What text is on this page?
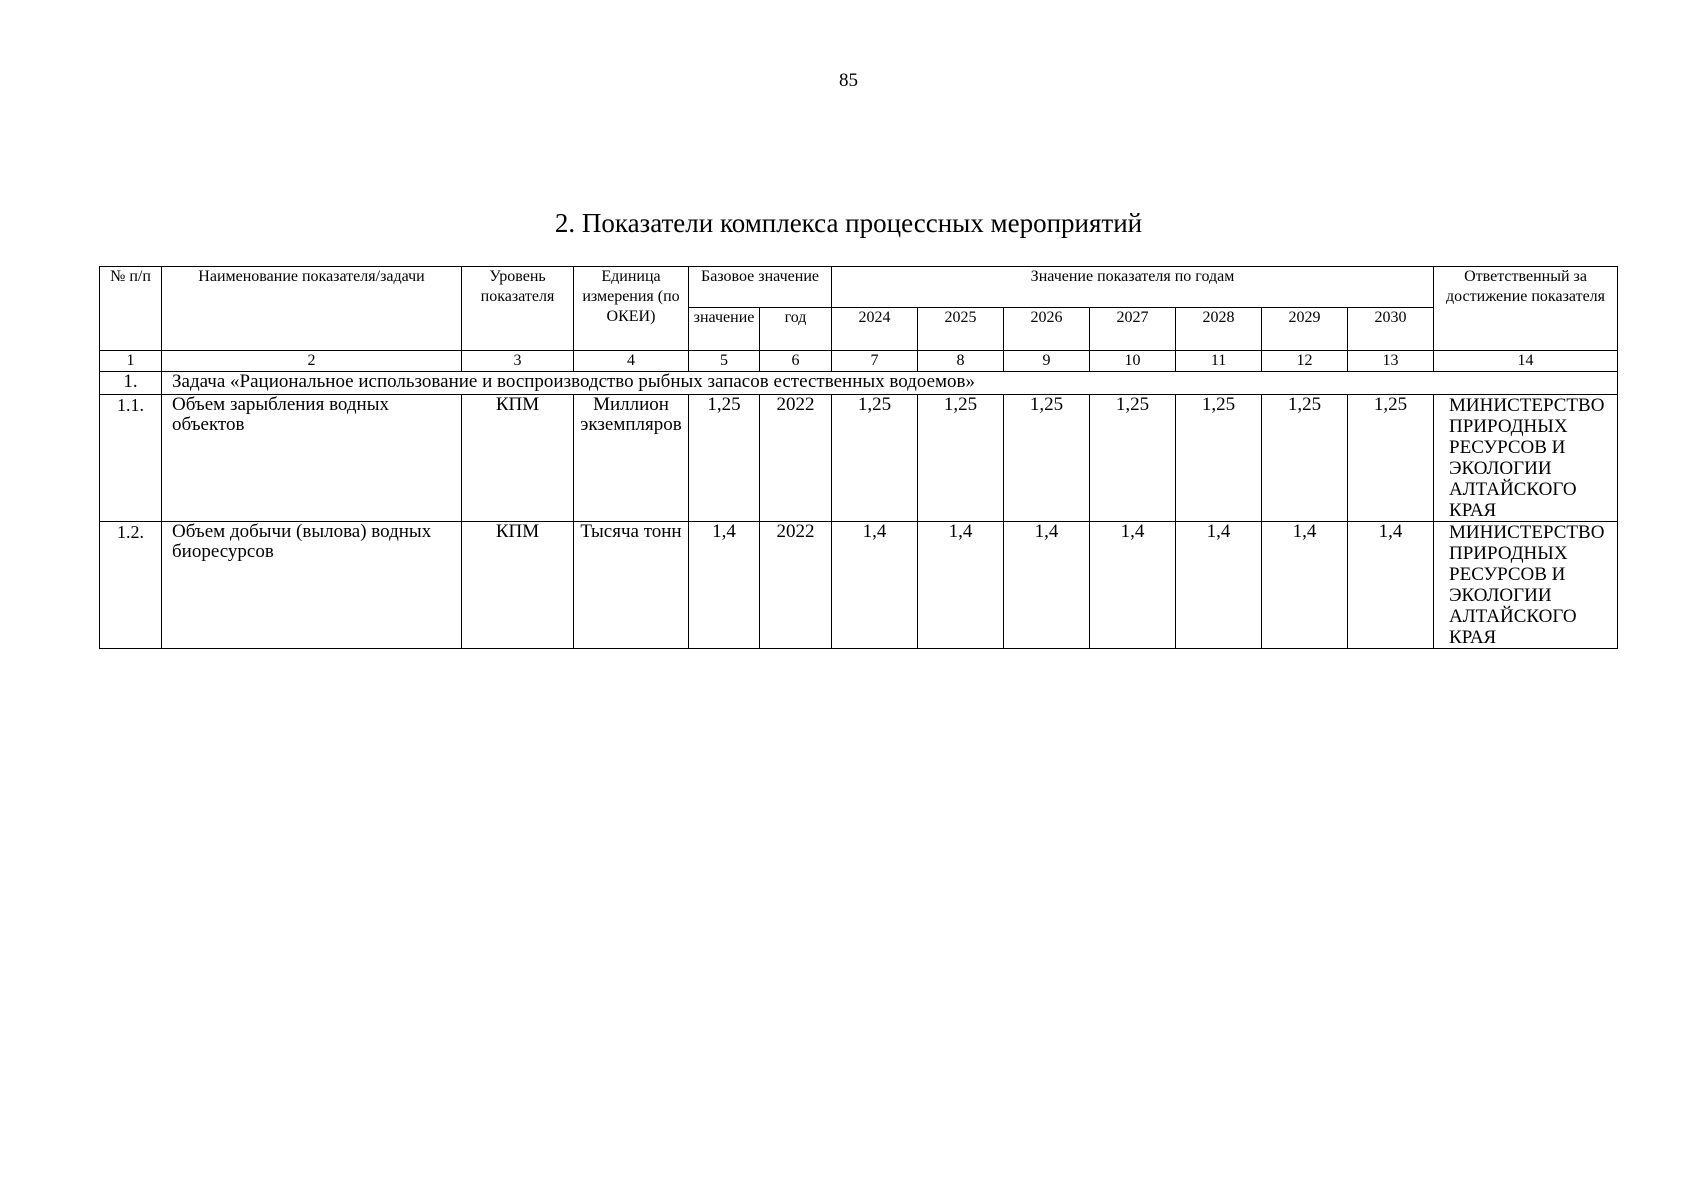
85
2. Показатели комплекса процессных мероприятий
№ п/п	Наименование показателя/задачи	Уровень показателя	Единица измерения (по ОКЕИ)	Базовое значение		Значение показателя по годам							Ответственный за достижение показателя
				значение	год	2024	2025	2026	2027	2028	2029	2030	
1	2	3	4	5	6	7	8	9	10	11	12	13	14
1.	Задача «Рациональное использование и воспроизводство рыбных запасов естественных водоемов»												
1.1.	Объем зарыбления водных объектов	КПМ	Миллион экземпляров	1,25	2022	1,25	1,25	1,25	1,25	1,25	1,25	1,25	МИНИСТЕРСТВО ПРИРОДНЫХ РЕСУРСОВ И ЭКОЛОГИИ АЛТАЙСКОГО КРАЯ
1.2.	Объем добычи (вылова) водных биоресурсов	КПМ	Тысяча тонн	1,4	2022	1,4	1,4	1,4	1,4	1,4	1,4	1,4	МИНИСТЕРСТВО ПРИРОДНЫХ РЕСУРСОВ И ЭКОЛОГИИ АЛТАЙСКОГО КРАЯ
